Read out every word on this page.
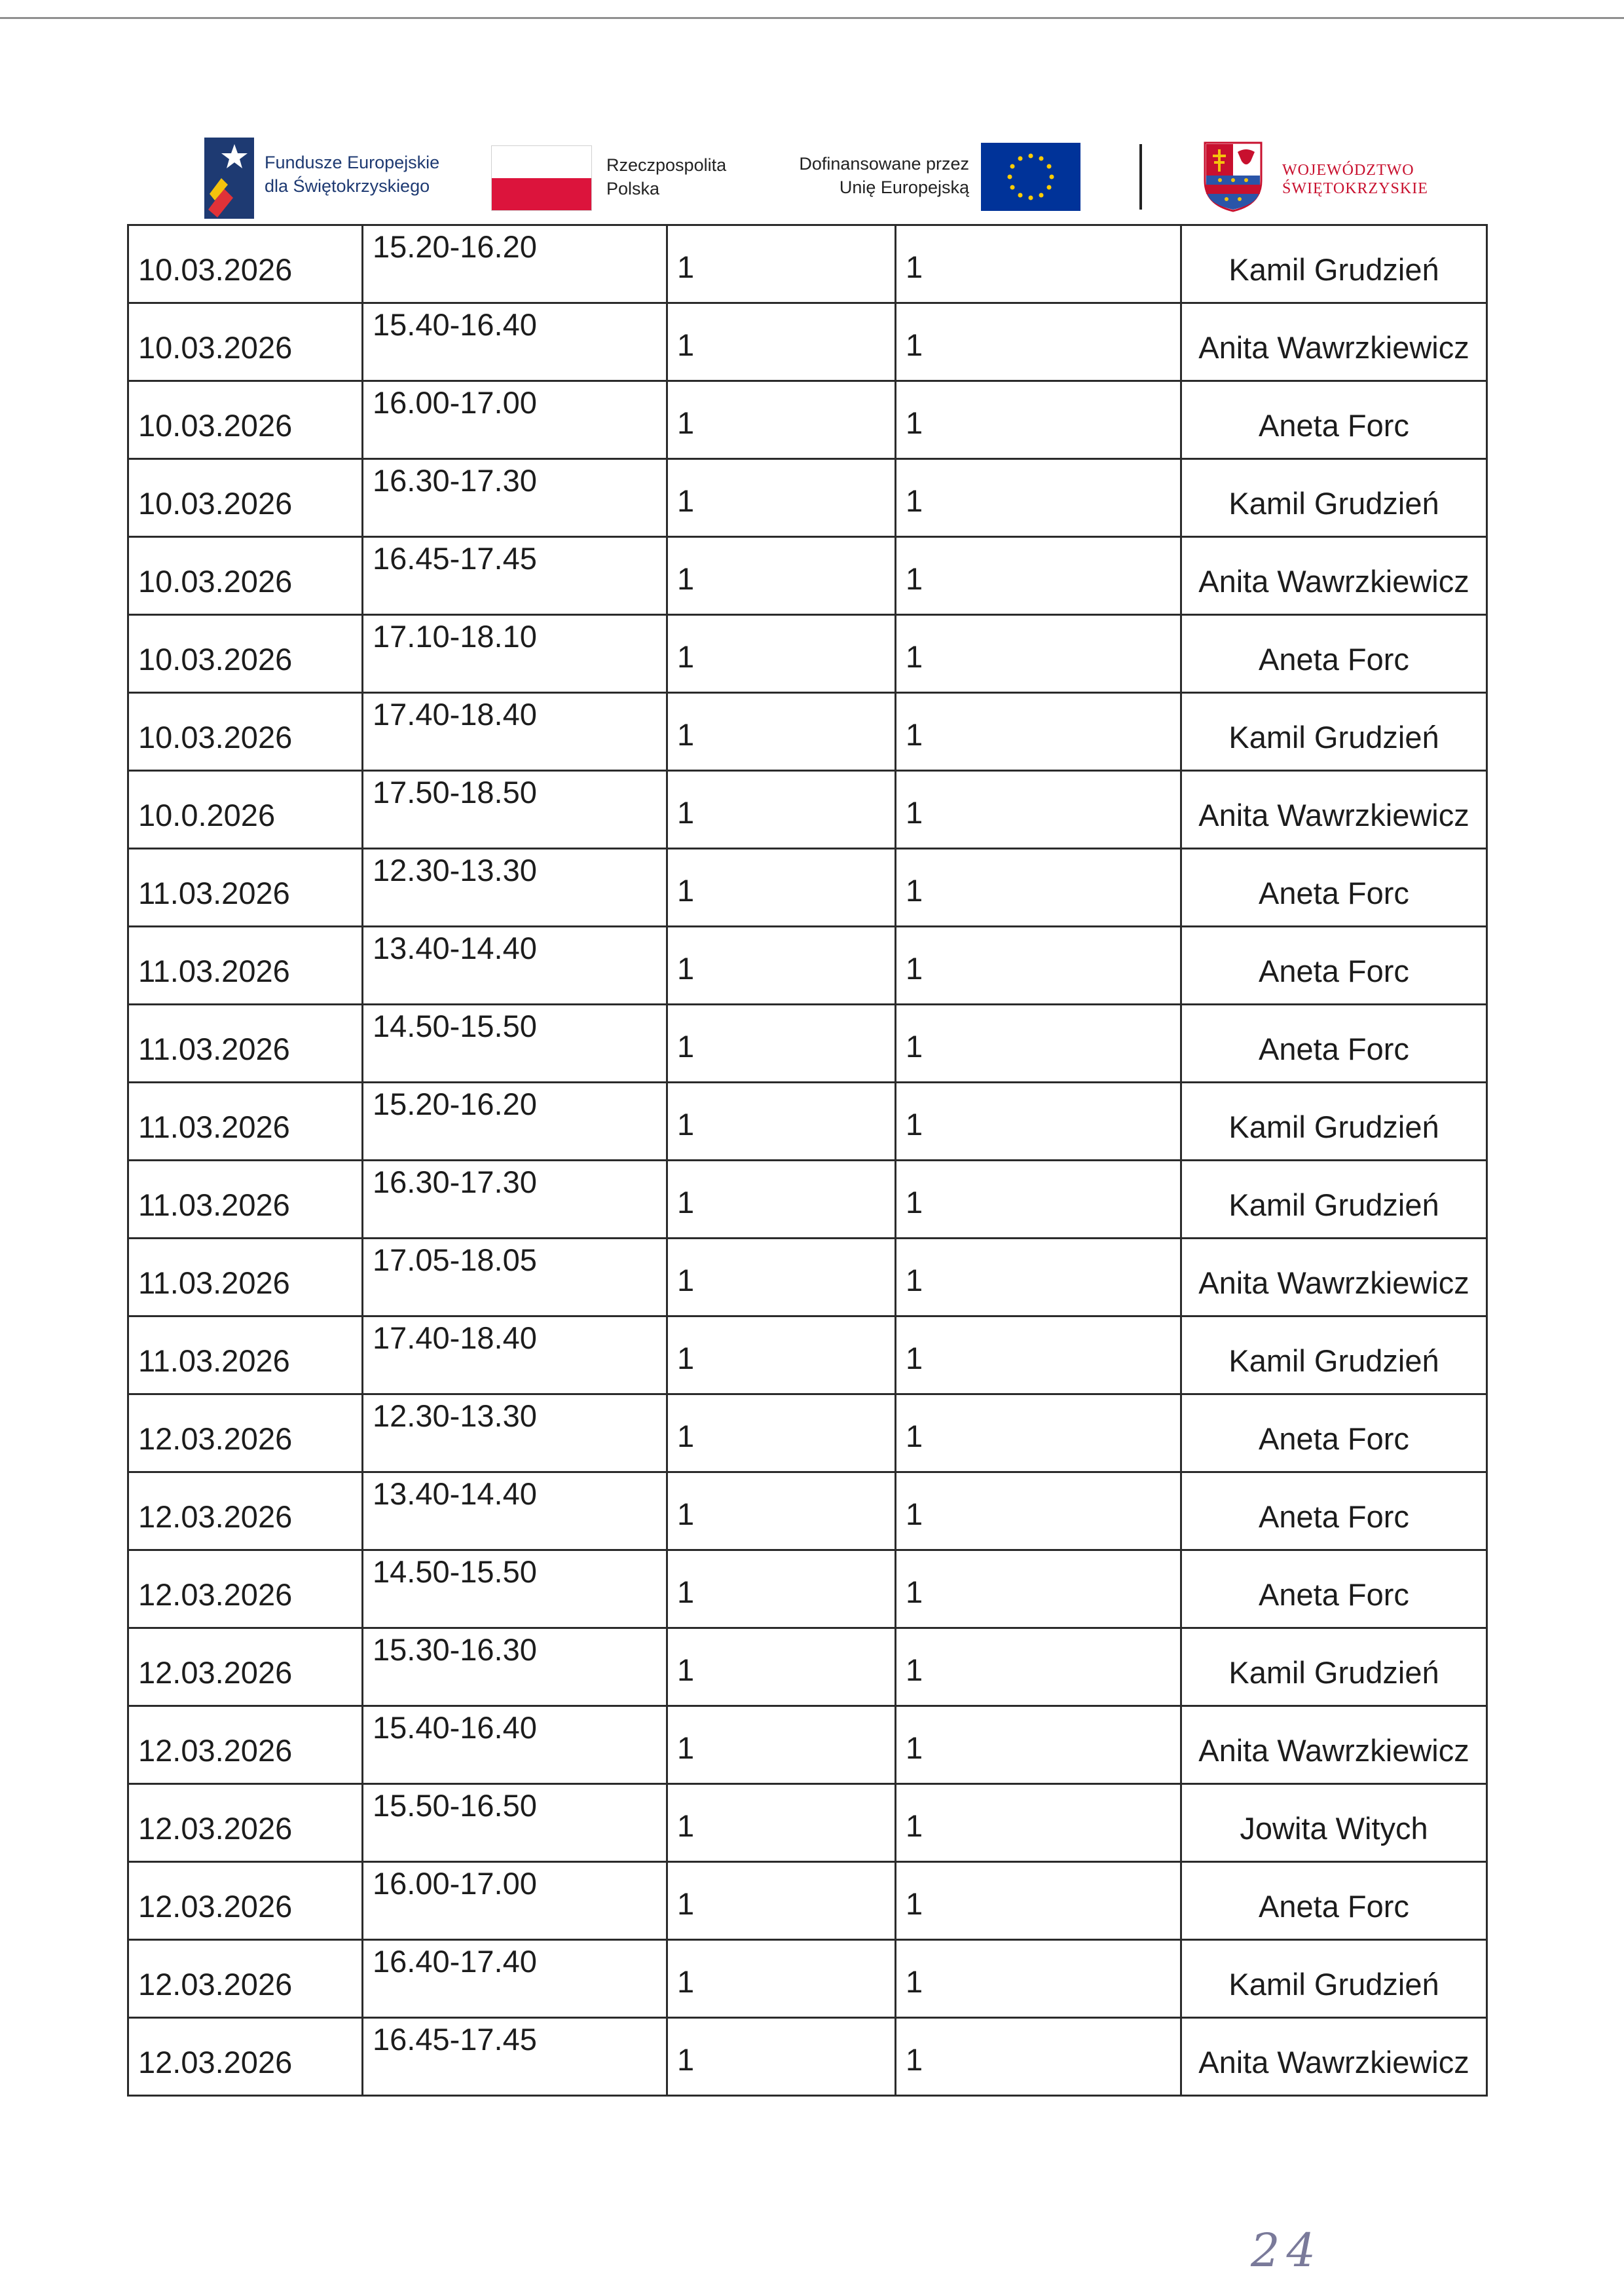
Fundusze Europejskie
dla Świętokrzyskiego
Rzeczpospolita
Polska
Dofinansowane przez
Unię Europejską
WOJEWÓDZTWO
ŚWIĘTOKRZYSKIE
10.03.2026	15.20-16.20	1	1	Kamil Grudzień

10.03.2026	15.40-16.40	1	1	Anita Wawrzkiewicz

10.03.2026	16.00-17.00	1	1	Aneta Forc

10.03.2026	16.30-17.30	1	1	Kamil Grudzień

10.03.2026	16.45-17.45	1	1	Anita Wawrzkiewicz

10.03.2026	17.10-18.10	1	1	Aneta Forc

10.03.2026	17.40-18.40	1	1	Kamil Grudzień

10.0.2026	17.50-18.50	1	1	Anita Wawrzkiewicz

11.03.2026	12.30-13.30	1	1	Aneta Forc

11.03.2026	13.40-14.40	1	1	Aneta Forc

11.03.2026	14.50-15.50	1	1	Aneta Forc

11.03.2026	15.20-16.20	1	1	Kamil Grudzień

11.03.2026	16.30-17.30	1	1	Kamil Grudzień

11.03.2026	17.05-18.05	1	1	Anita Wawrzkiewicz

11.03.2026	17.40-18.40	1	1	Kamil Grudzień

12.03.2026	12.30-13.30	1	1	Aneta Forc

12.03.2026	13.40-14.40	1	1	Aneta Forc

12.03.2026	14.50-15.50	1	1	Aneta Forc

12.03.2026	15.30-16.30	1	1	Kamil Grudzień

12.03.2026	15.40-16.40	1	1	Anita Wawrzkiewicz

12.03.2026	15.50-16.50	1	1	Jowita Witych

12.03.2026	16.00-17.00	1	1	Aneta Forc

12.03.2026	16.40-17.40	1	1	Kamil Grudzień

12.03.2026	16.45-17.45	1	1	Anita Wawrzkiewicz
24
